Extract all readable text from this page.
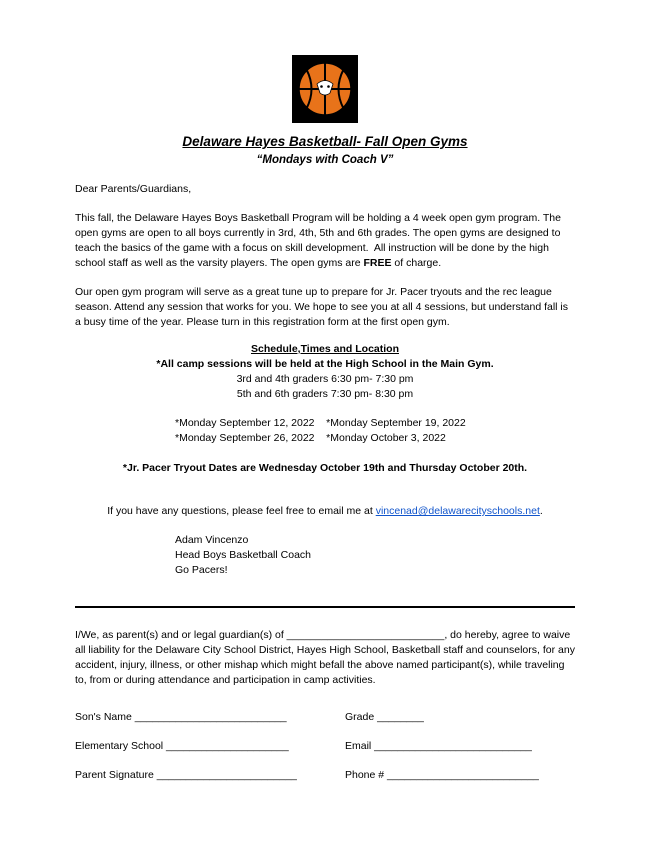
Delaware Hayes Basketball- Fall Open Gyms
“Mondays with Coach V”

Dear Parents/Guardians,

This fall, the Delaware Hayes Boys Basketball Program will be holding a 4 week open gym program. The open gyms are open to all boys currently in 3rd, 4th, 5th and 6th grades. The open gyms are designed to teach the basics of the game with a focus on skill development.  All instruction will be done by the high school staff as well as the varsity players. The open gyms are FREE of charge.

Our open gym program will serve as a great tune up to prepare for Jr. Pacer tryouts and the rec league season. Attend any session that works for you. We hope to see you at all 4 sessions, but understand fall is a busy time of the year. Please turn in this registration form at the first open gym.

Schedule,Times and Location
*All camp sessions will be held at the High School in the Main Gym.
3rd and 4th graders 6:30 pm- 7:30 pm
5th and 6th graders 7:30 pm- 8:30 pm
*Monday September 12, 2022    *Monday September 19, 2022
*Monday September 26, 2022    *Monday October 3, 2022
*Jr. Pacer Tryout Dates are Wednesday October 19th and Thursday October 20th.

If you have any questions, please feel free to email me at vincenad@delawarecityschools.net.

Adam Vincenzo
Head Boys Basketball Coach
Go Pacers!

I/We, as parent(s) and or legal guardian(s) of ___________________________, do hereby, agree to waive all liability for the Delaware City School District, Hayes High School, Basketball staff and counselors, for any accident, injury, illness, or other mishap which might befall the above named participant(s), while traveling to, from or during attendance and participation in camp activities.

Son's Name __________________________	Grade ________
Elementary School _____________________	Email ___________________________
Parent Signature ________________________	Phone # __________________________
